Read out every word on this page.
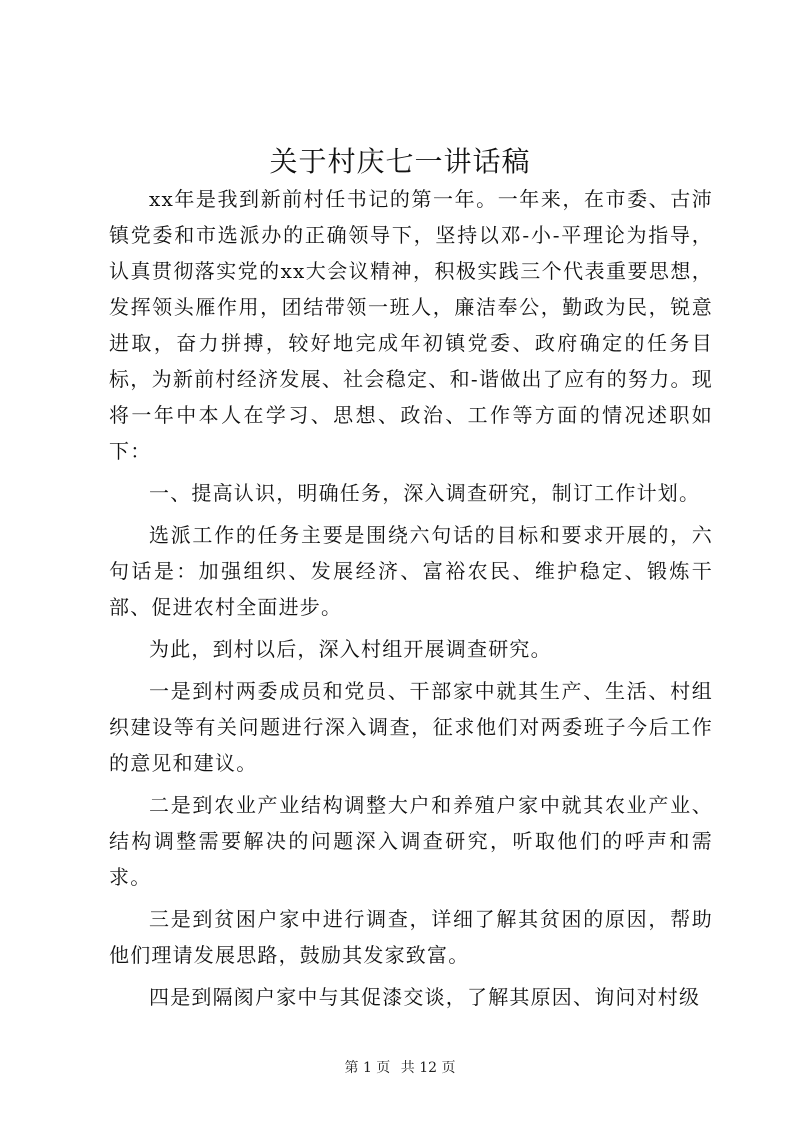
关于村庆七一讲话稿

xx年是我到新前村任书记的第一年。一年来，在市委、古沛镇党委和市选派办的正确领导下，坚持以邓-小-平理论为指导，认真贯彻落实党的xx大会议精神，积极实践三个代表重要思想，发挥领头雁作用，团结带领一班人，廉洁奉公，勤政为民，锐意进取，奋力拼搏，较好地完成年初镇党委、政府确定的任务目标，为新前村经济发展、社会稳定、和-谐做出了应有的努力。现将一年中本人在学习、思想、政治、工作等方面的情况述职如下：

一、提高认识，明确任务，深入调查研究，制订工作计划。

选派工作的任务主要是围绕六句话的目标和要求开展的，六句话是：加强组织、发展经济、富裕农民、维护稳定、锻炼干部、促进农村全面进步。

为此，到村以后，深入村组开展调查研究。

一是到村两委成员和党员、干部家中就其生产、生活、村组织建设等有关问题进行深入调查，征求他们对两委班子今后工作的意见和建议。

二是到农业产业结构调整大户和养殖户家中就其农业产业、结构调整需要解决的问题深入调查研究，听取他们的呼声和需求。

三是到贫困户家中进行调查，详细了解其贫困的原因，帮助他们理请发展思路，鼓励其发家致富。

四是到隔阂户家中与其促漆交谈，了解其原因、询问对村级

第 1 页 共 12 页
